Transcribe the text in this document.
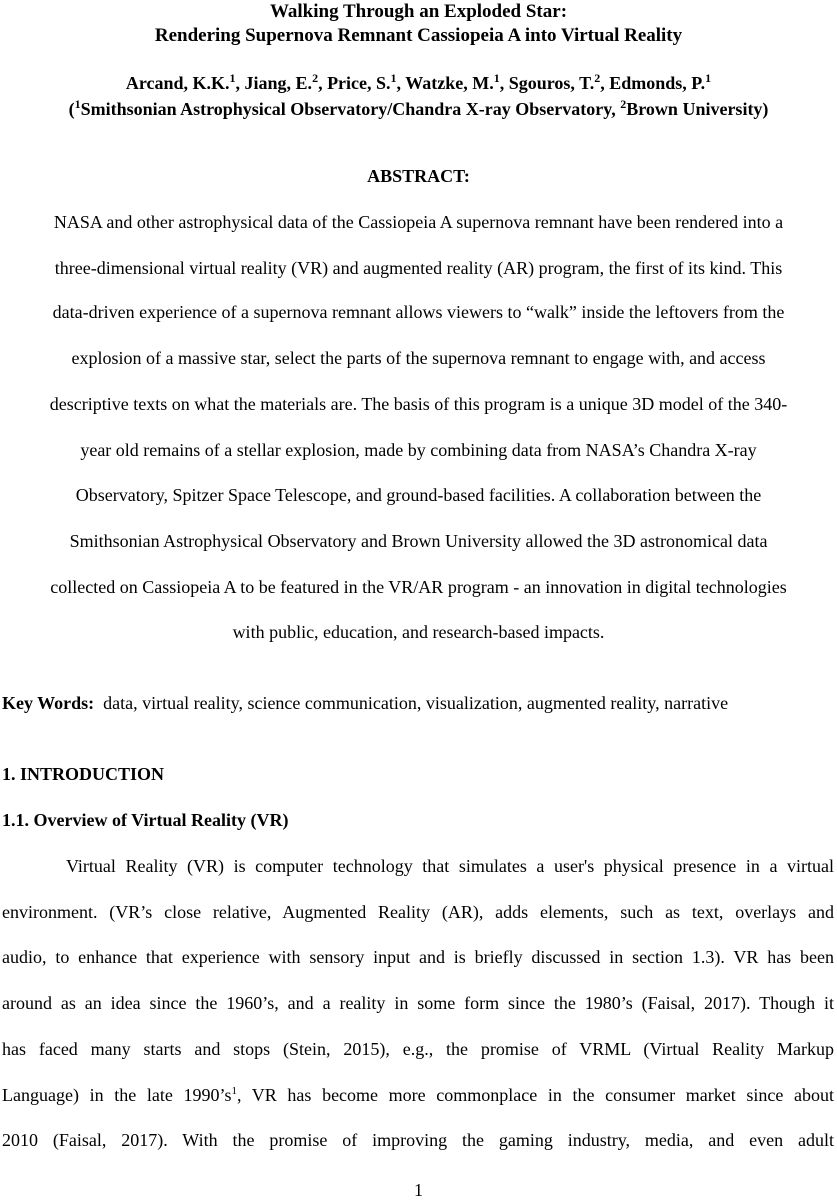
Walking Through an Exploded Star:
Rendering Supernova Remnant Cassiopeia A into Virtual Reality
Arcand, K.K.$^1$, Jiang, E.$^2$, Price, S.$^1$, Watzke, M.$^1$, Sgouros, T.$^2$, Edmonds, P.$^1$
($^1$Smithsonian Astrophysical Observatory/Chandra X-ray Observatory, $^2$Brown University)
ABSTRACT:
NASA and other astrophysical data of the Cassiopeia A supernova remnant have been rendered into a
three-dimensional virtual reality (VR) and augmented reality (AR) program, the first of its kind. This
data-driven experience of a supernova remnant allows viewers to “walk” inside the leftovers from the
explosion of a massive star, select the parts of the supernova remnant to engage with, and access
descriptive texts on what the materials are. The basis of this program is a unique 3D model of the 340-
year old remains of a stellar explosion, made by combining data from NASA’s Chandra X-ray
Observatory, Spitzer Space Telescope, and ground-based facilities. A collaboration between the
Smithsonian Astrophysical Observatory and Brown University allowed the 3D astronomical data
collected on Cassiopeia A to be featured in the VR/AR program - an innovation in digital technologies
with public, education, and research-based impacts.
Key Words: data, virtual reality, science communication, visualization, augmented reality, narrative
1. INTRODUCTION
1.1. Overview of Virtual Reality (VR)
Virtual Reality (VR) is computer technology that simulates a user's physical presence in a virtual
environment. (VR’s close relative, Augmented Reality (AR), adds elements, such as text, overlays and
audio, to enhance that experience with sensory input and is briefly discussed in section 1.3). VR has been
around as an idea since the 1960’s, and a reality in some form since the 1980’s (Faisal, 2017). Though it
has faced many starts and stops (Stein, 2015), e.g., the promise of VRML (Virtual Reality Markup
Language) in the late $1990’s^1$, VR has become more commonplace in the consumer market since about
2010 (Faisal, 2017). With the promise of improving the gaming industry, media, and even adult
1
